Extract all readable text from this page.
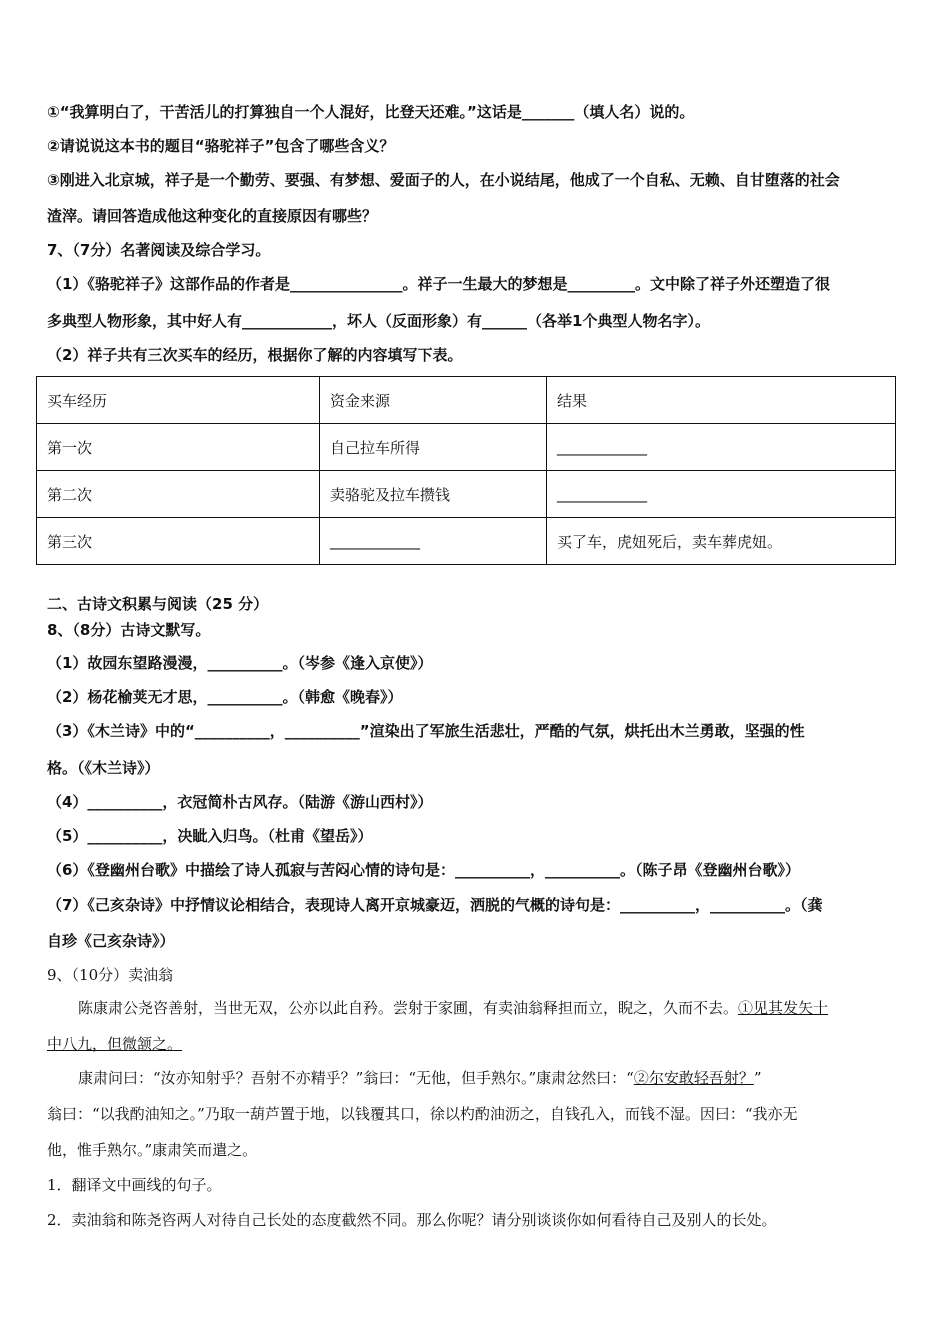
①“我算明白了，干苦活儿的打算独自一个人混好，比登天还难。”这话是_______（填人名）说的。
②请说说这本书的题目“骆驼祥子”包含了哪些含义？
③刚进入北京城，祥子是一个勤劳、要强、有梦想、爱面子的人，在小说结尾，他成了一个自私、无赖、自甘堕落的社会
渣滓。请回答造成他这种变化的直接原因有哪些？
7、（7分）名著阅读及综合学习。
（1）《骆驼祥子》这部作品的作者是_______________。祥子一生最大的梦想是_________。文中除了祥子外还塑造了很
多典型人物形象，其中好人有____________，坏人（反面形象）有______（各举1个典型人物名字）。
（2）祥子共有三次买车的经历，根据你了解的内容填写下表。
买车经历	资金来源	结果
第一次	自己拉车所得	____________
第二次	卖骆驼及拉车攒钱	____________
第三次	____________	买了车，虎妞死后，卖车葬虎妞。
二、古诗文积累与阅读（25 分）
8、（8分）古诗文默写。
（1）故园东望路漫漫，__________。（岑参《逢入京使》）
（2）杨花榆荚无才思，__________。（韩愈《晚春》）
（3）《木兰诗》中的“__________，__________”渲染出了军旅生活悲壮，严酷的气氛，烘托出木兰勇敢，坚强的性
格。（《木兰诗》）
（4）__________，衣冠简朴古风存。（陆游《游山西村》）
（5）__________，决眦入归鸟。（杜甫《望岳》）
（6）《登幽州台歌》中描绘了诗人孤寂与苦闷心情的诗句是：__________，__________。（陈子昂《登幽州台歌》）
（7）《己亥杂诗》中抒情议论相结合，表现诗人离开京城豪迈，洒脱的气概的诗句是：__________，__________。（龚
自珍《己亥杂诗》）
9、（10分）卖油翁
陈康肃公尧咨善射，当世无双，公亦以此自矜。尝射于家圃，有卖油翁释担而立，睨之，久而不去。①见其发矢十
中八九，但微颔之。
康肃问曰：“汝亦知射乎？吾射不亦精乎？”翁曰：“无他，但手熟尔。”康肃忿然曰：“②尔安敢轻吾射？”
翁曰：“以我酌油知之。”乃取一葫芦置于地，以钱覆其口，徐以杓酌油沥之，自钱孔入，而钱不湿。因曰：“我亦无
他，惟手熟尔。”康肃笑而遣之。
1．翻译文中画线的句子。
2．卖油翁和陈尧咨两人对待自己长处的态度截然不同。那么你呢？请分别谈谈你如何看待自己及别人的长处。
